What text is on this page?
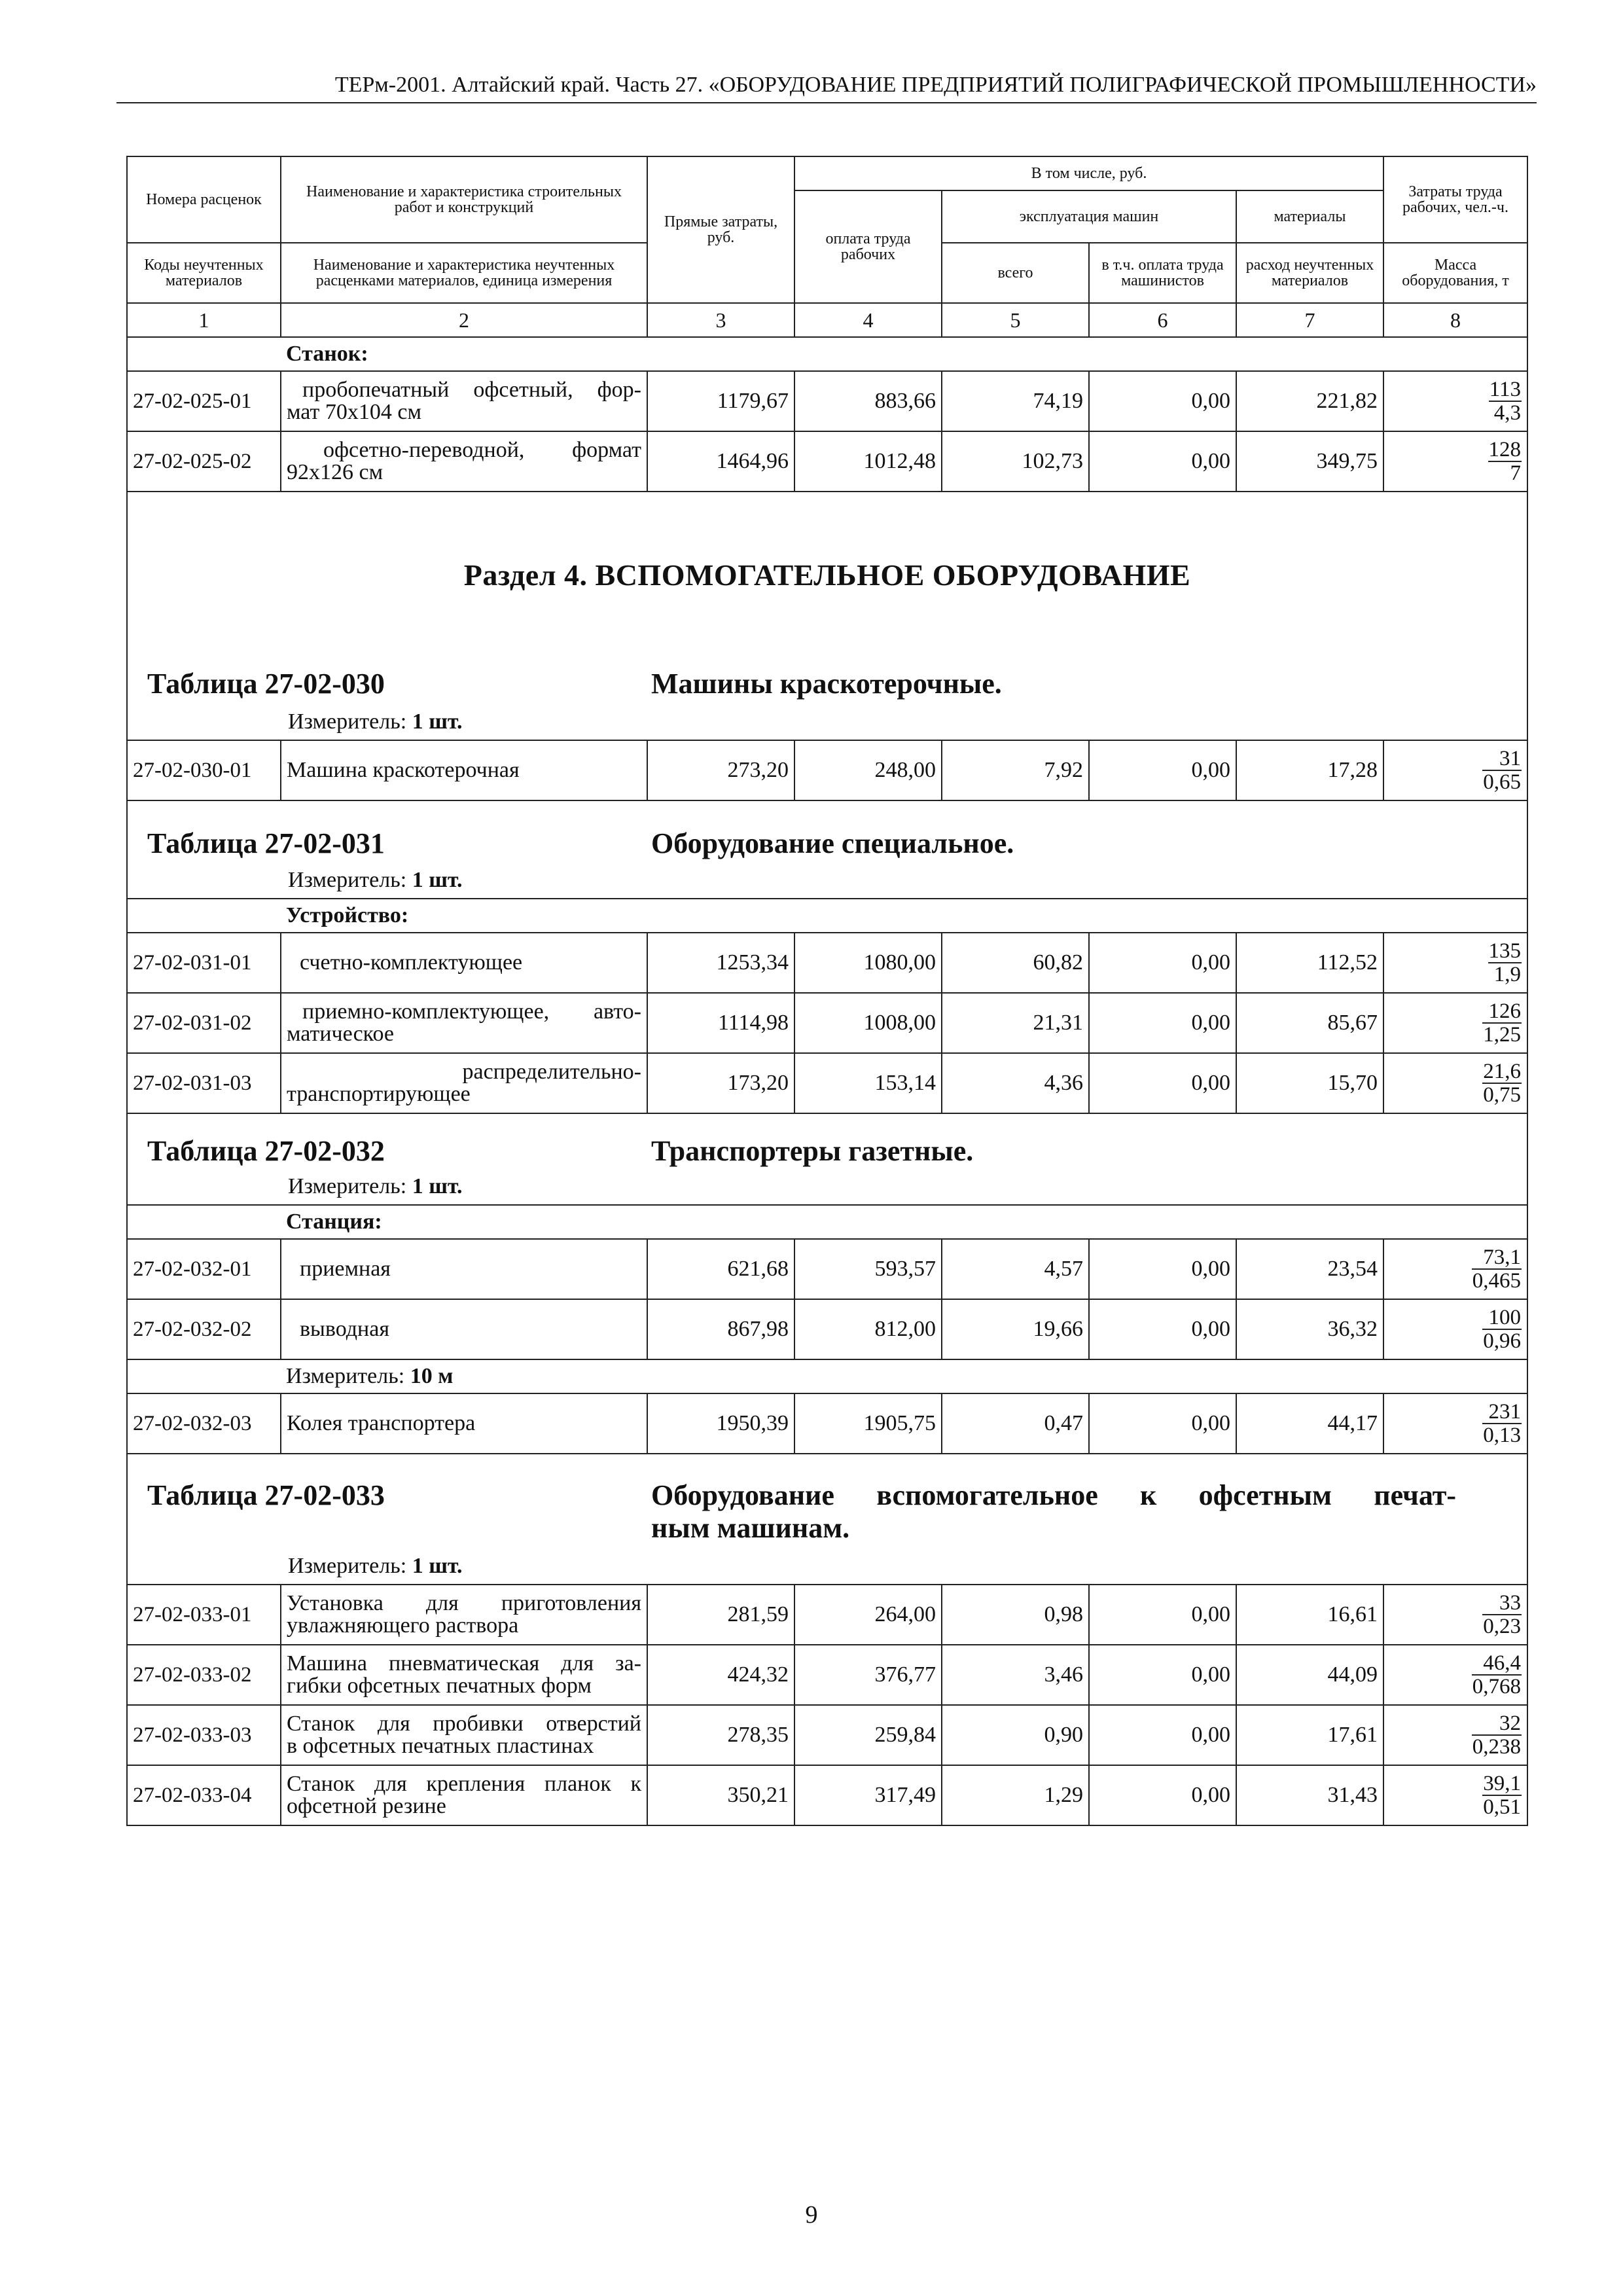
ТЕРм-2001. Алтайский край. Часть 27. «ОБОРУДОВАНИЕ ПРЕДПРИЯТИЙ ПОЛИГРАФИЧЕСКОЙ ПРОМЫШЛЕННОСТИ»
Номера расценок	Наименование и характеристика строительных работ и конструкций	Прямые затраты, руб.	В том числе, руб.				Затраты труда рабочих, чел.-ч.
			оплата труда рабочих	эксплуатация машин		материалы	
Коды неучтенных материалов	Наименование и характеристика неучтенных расценками материалов, единица измерения			всего	в т.ч. оплата труда машинистов	расход неучтенных материалов	Масса оборудования, т

1	2	3	4	5	6	7	8
	Станок:						
27-02-025-01	пробопечатный офсетный, фор-
мат 70х104 см	1179,67	883,66	74,19	0,00	221,82	$\frac{113}{4,3}$

27-02-025-02	офсетно-переводной, формат
92х126 см	1464,96	1012,48	102,73	0,00	349,75	$\frac{128}{7}$

Раздел 4. ВСПОМОГАТЕЛЬНОЕ ОБОРУДОВАНИЕ
Таблица 27-02-030 Машины краскотерочные.
Измеритель: 1 шт.							

27-02-030-01	Машина краскотерочная	273,20	248,00	7,92	0,00	17,28	$\frac{31}{0,65}$

Таблица 27-02-031 Оборудование специальное.
Измеритель: 1 шт.							

	Устройство:						
27-02-031-01	счетно-комплектующее	1253,34	1080,00	60,82	0,00	112,52	$\frac{135}{1,9}$

27-02-031-02	приемно-комплектующее, авто-
матическое	1114,98	1008,00	21,31	0,00	85,67	$\frac{126}{1,25}$

27-02-031-03	распределительно-
транспортирующее	173,20	153,14	4,36	0,00	15,70	$\frac{21,6}{0,75}$

Таблица 27-02-032 Транспортеры газетные.
Измеритель: 1 шт.							

	Станция:						
27-02-032-01	приемная	621,68	593,57	4,57	0,00	23,54	$\frac{73,1}{0,465}$

27-02-032-02	выводная	867,98	812,00	19,66	0,00	36,32	$\frac{100}{0,96}$

	Измеритель: 10 м						
27-02-032-03	Колея транспортера	1950,39	1905,75	0,47	0,00	44,17	$\frac{231}{0,13}$

Таблица 27-02-033 Оборудование вспомогательное к офсетным печат-
ным машинам.
Измеритель: 1 шт.							

27-02-033-01	Установка для приготовления
увлажняющего раствора	281,59	264,00	0,98	0,00	16,61	$\frac{33}{0,23}$

27-02-033-02	Машина пневматическая для за-
гибки офсетных печатных форм	424,32	376,77	3,46	0,00	44,09	$\frac{46,4}{0,768}$

27-02-033-03	Станок для пробивки отверстий
в офсетных печатных пластинах	278,35	259,84	0,90	0,00	17,61	$\frac{32}{0,238}$

27-02-033-04	Станок для крепления планок к
офсетной резине	350,21	317,49	1,29	0,00	31,43	$\frac{39,1}{0,51}$
9
